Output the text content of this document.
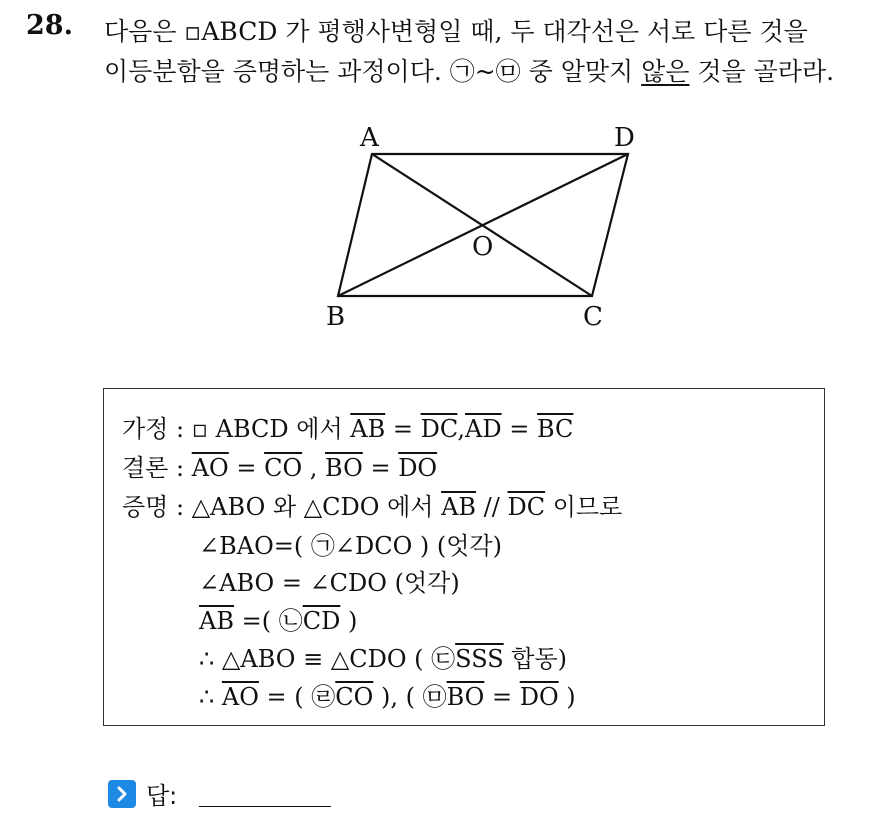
28. 다음은 ▫ABCD 가 평행사변형일 때, 두 대각선은 서로 다른 것을
이등분함을 증명하는 과정이다. ㉠~㉤ 중 알맞지 않은 것을 골라라.
A	D
O
B	C
가정 : ▫ ABCD 에서 $\overline{AB} = \overline{DC},\overline{AD} = \overline{BC}$
결론 : $\overline{AO} = \overline{CO}$ , $\overline{BO} = \overline{DO}$
증명 : △ABO 와 △CDO 에서 $\overline{AB} // \overline{DC}$ 이므로
∠BAO=( ㉠∠DCO ) (엇각)
∠ABO = ∠CDO (엇각)
$\overline{AB}$ =( $㉡\overline{CD}$ )
∴ △ABO ≡ △CDO ( $㉢\overline{SSS}$ 합동)
∴ $\overline{AO}$ = ( $㉣\overline{CO}$ ), ( $㉤\overline{BO} = \overline{DO}$ )
답:
